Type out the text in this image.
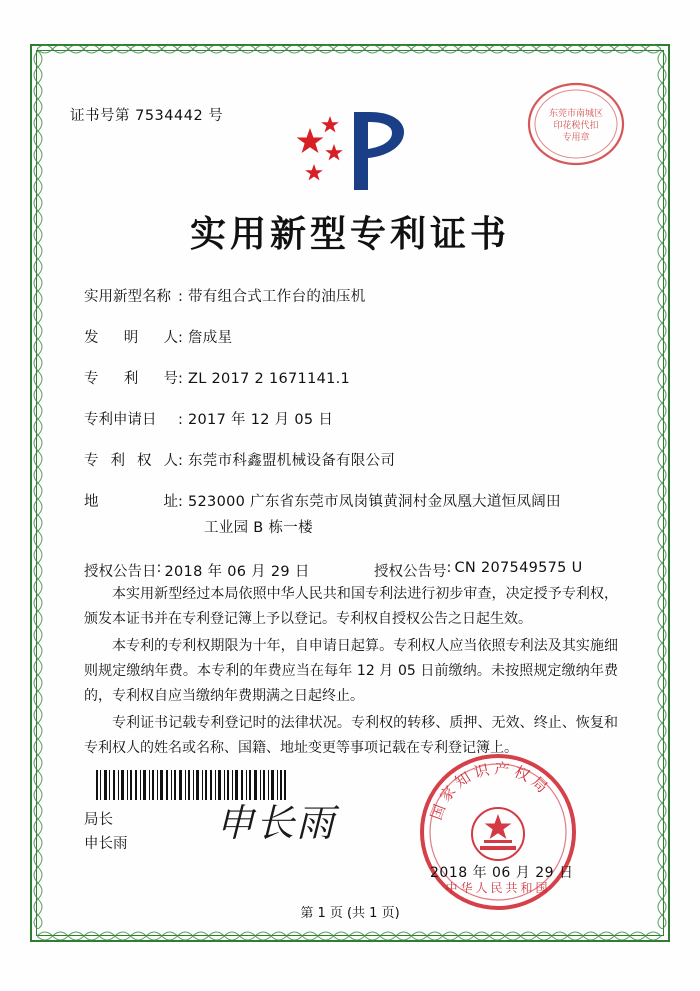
证书号第 7534442 号	东莞市南城区
印花税代扣
专用章
实用新型专利证书
实用新型名称 : 带有组合式工作台的油压机
发 明 人 : 詹成星
专 利 号 : ZL 2017 2 1671141.1
专利申请日	: 2017 年 12 月 05 日
专 利 权 人 : 东莞市科鑫盟机械设备有限公司
地	址 : 523000 广东省东莞市凤岗镇黄洞村金凤凰大道恒凤阔田
工业园 B 栋一楼
授权公告日 : 2018 年 06 月 29 日	授权公告号 : CN 207549575 U

本实用新型经过本局依照中华人民共和国专利法进行初步审查，决定授予专利权，颁发本证书并在专利登记簿上予以登记。专利权自授权公告之日起生效。

本专利的专利权期限为十年，自申请日起算。专利权人应当依照专利法及其实施细则规定缴纳年费。本专利的年费应当在每年 12 月 05 日前缴纳。未按照规定缴纳年费的，专利权自应当缴纳年费期满之日起终止。

专利证书记载专利登记时的法律状况。专利权的转移、质押、无效、终止、恢复和专利权人的姓名或名称、国籍、地址变更等事项记载在专利登记簿上。

局长
申长雨 申长雨	国家知识产权局
中华人民共和国
2018 年 06 月 29 日
第 1 页 (共 1 页)
